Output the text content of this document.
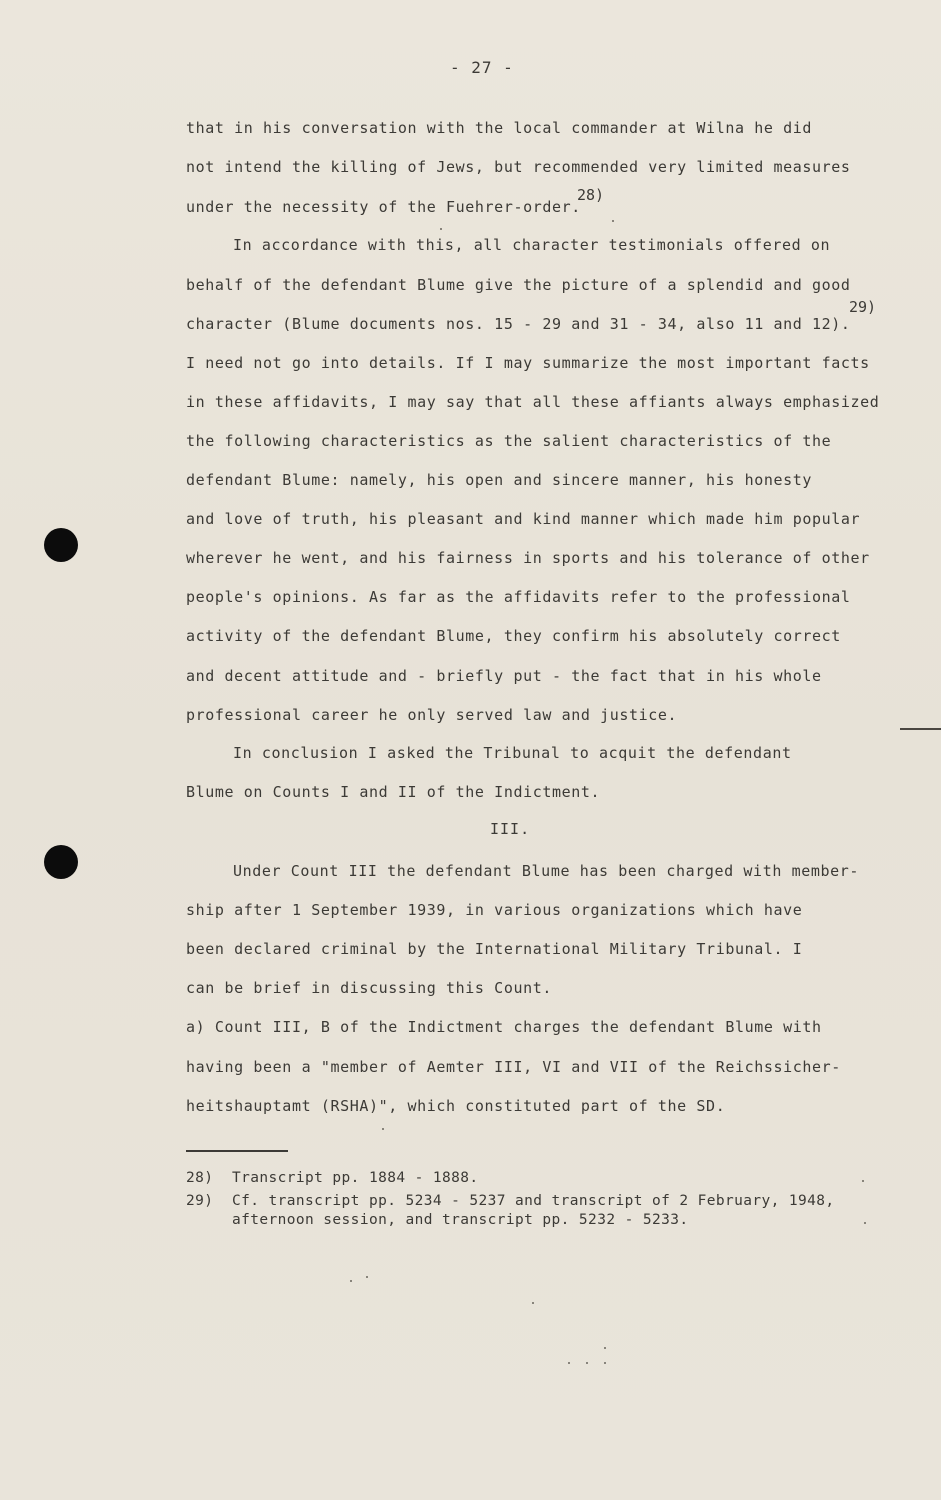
- 27 -
that in his conversation with the local commander at Wilna he did
not intend the killing of Jews, but recommended very limited measures
under the necessity of the Fuehrer-order.
28)
In accordance with this, all character testimonials offered on
behalf of the defendant Blume give the picture of a splendid and good
character (Blume documents nos. 15 - 29 and 31 - 34, also 11 and 12).
29)
I need not go into details. If I may summarize the most important facts
in these affidavits, I may say that all these affiants always emphasized
the following characteristics as the salient characteristics of the
defendant Blume: namely, his open and sincere manner, his honesty
and love of truth, his pleasant and kind manner which made him popular
wherever he went, and his fairness in sports and his tolerance of other
people's opinions. As far as the affidavits refer to the professional
activity of the defendant Blume, they confirm his absolutely correct
and decent attitude and - briefly put - the fact that in his whole
professional career he only served law and justice.
In conclusion I asked the Tribunal to acquit the defendant
Blume on Counts I and II of the Indictment.
III.
Under Count III the defendant Blume has been charged with member-
ship after 1 September 1939, in various organizations which have
been declared criminal by the International Military Tribunal. I
can be brief in discussing this Count.
a) Count III, B of the Indictment charges the defendant Blume with
having been a "member of Aemter III, VI and VII of the Reichssicher-
heitshauptamt (RSHA)", which constituted part of the SD.
28) Transcript pp. 1884 - 1888.
29) Cf. transcript pp. 5234 - 5237 and transcript of 2 February, 1948,
afternoon session, and transcript pp. 5232 - 5233.
